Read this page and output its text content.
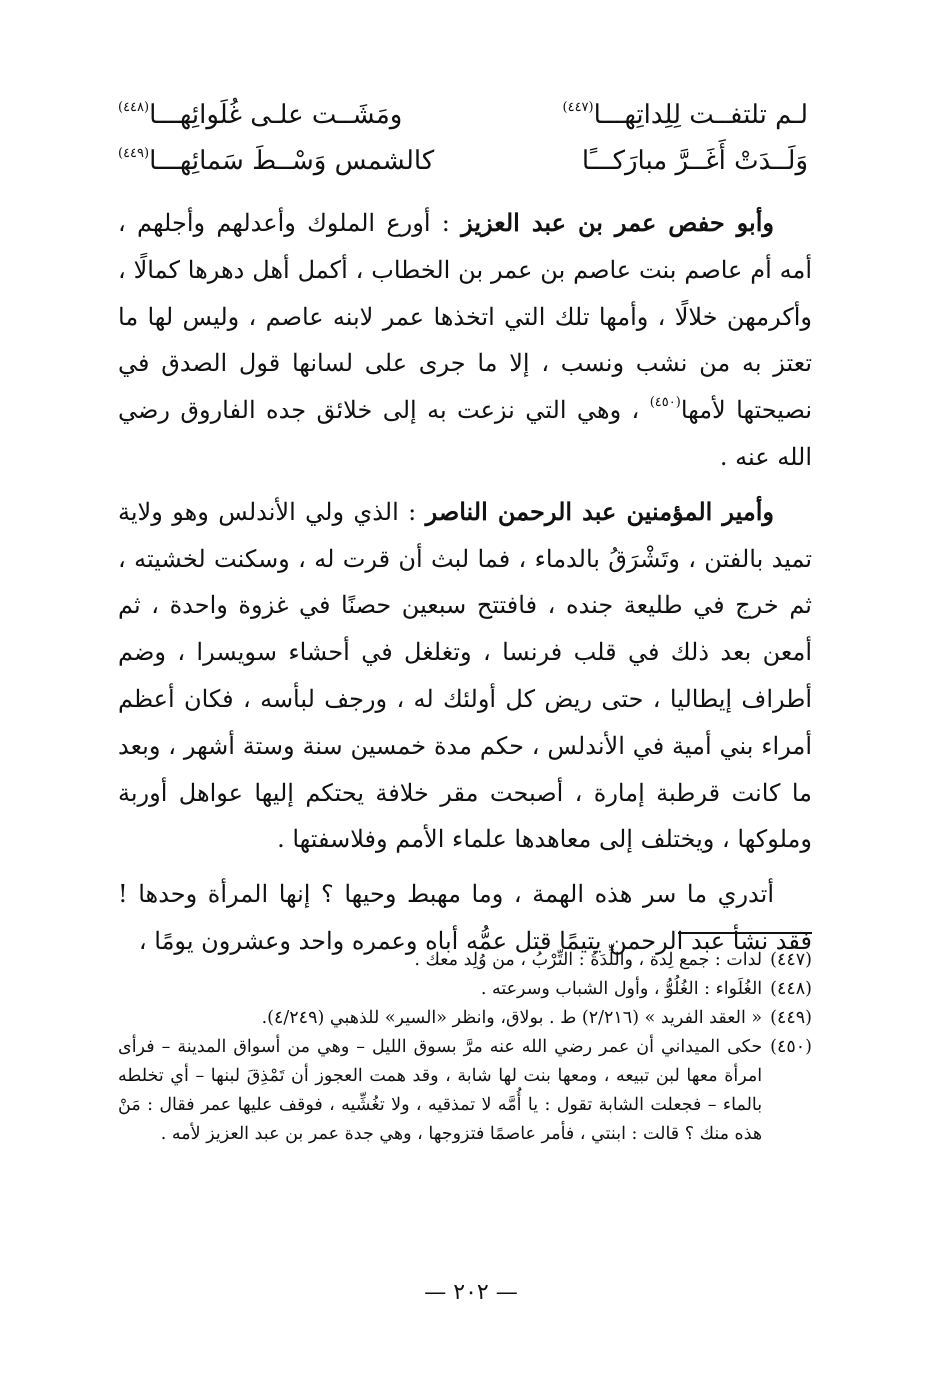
لـم تلتفــت لِلِداتِهـــا$^{(٤٤٧)}$
ومَشَــت علـى غُلَوائِهـــا$^{(٤٤٨)}$
وَلَــدَتْ أَغَــرَّ مبارَكـــًا
كالشمس وَسْــطَ سَمائِهـــا$^{(٤٤٩)}$

وأبو حفص عمر بن عبد العزيز : أورع الملوك وأعدلهم وأجلهم ، أمه أم عاصم بنت عاصم بن عمر بن الخطاب ، أكمل أهل دهرها كمالًا ، وأكرمهن خلالًا ، وأمها تلك التي اتخذها عمر لابنه عاصم ، وليس لها ما تعتز به من نشب ونسب ، إلا ما جرى على لسانها قول الصدق في نصيحتها لأمها$^{(٤٥٠)}$ ، وهي التي نزعت به إلى خلائق جده الفاروق رضي الله عنه .

وأمير المؤمنين عبد الرحمن الناصر : الذي ولي الأندلس وهو ولاية تميد بالفتن ، وتَشْرَقُ بالدماء ، فما لبث أن قرت له ، وسكنت لخشيته ، ثم خرج في طليعة جنده ، فافتتح سبعين حصنًا في غزوة واحدة ، ثم أمعن بعد ذلك في قلب فرنسا ، وتغلغل في أحشاء سويسرا ، وضم أطراف إيطاليا ، حتى ريض كل أولئك له ، ورجف لبأسه ، فكان أعظم أمراء بني أمية في الأندلس ، حكم مدة خمسين سنة وستة أشهر ، وبعد ما كانت قرطبة إمارة ، أصبحت مقر خلافة يحتكم إليها عواهل أوربة وملوكها ، ويختلف إلى معاهدها علماء الأمم وفلاسفتها .

أتدري ما سر هذه الهمة ، وما مهبط وحيها ؟ إنها المرأة وحدها ! فقد نشأ عبد الرحمن يتيمًا قتل عمُّه أباه وعمره واحد وعشرون يومًا ،

(٤٤٧)
لدات : جمع لِدة ، واللِّدَةُ : التِّرْبُ ، من وُلِد معك .
(٤٤٨)
الغُلَواء : الغُلُوُّ ، وأول الشباب وسرعته .
(٤٤٩)
« العقد الفريد » (٢/٢١٦) ط . بولاق، وانظر «السير» للذهبي (٤/٢٤٩).
(٤٥٠)
حكى الميداني أن عمر رضي الله عنه مرَّ بسوق الليل – وهي من أسواق المدينة – فرأى امرأة معها لبن تبيعه ، ومعها بنت لها شابة ، وقد همت العجوز أن تَمْذِقَ لبنها – أي تخلطه بالماء – فجعلت الشابة تقول : يا أُمَّه لا تمذقيه ، ولا تغُشِّيه ، فوقف عليها عمر فقال : مَنْ هذه منك ؟ قالت : ابنتي ، فأمر عاصمًا فتزوجها ، وهي جدة عمر بن عبد العزيز لأمه .
— ٢٠٢ —
